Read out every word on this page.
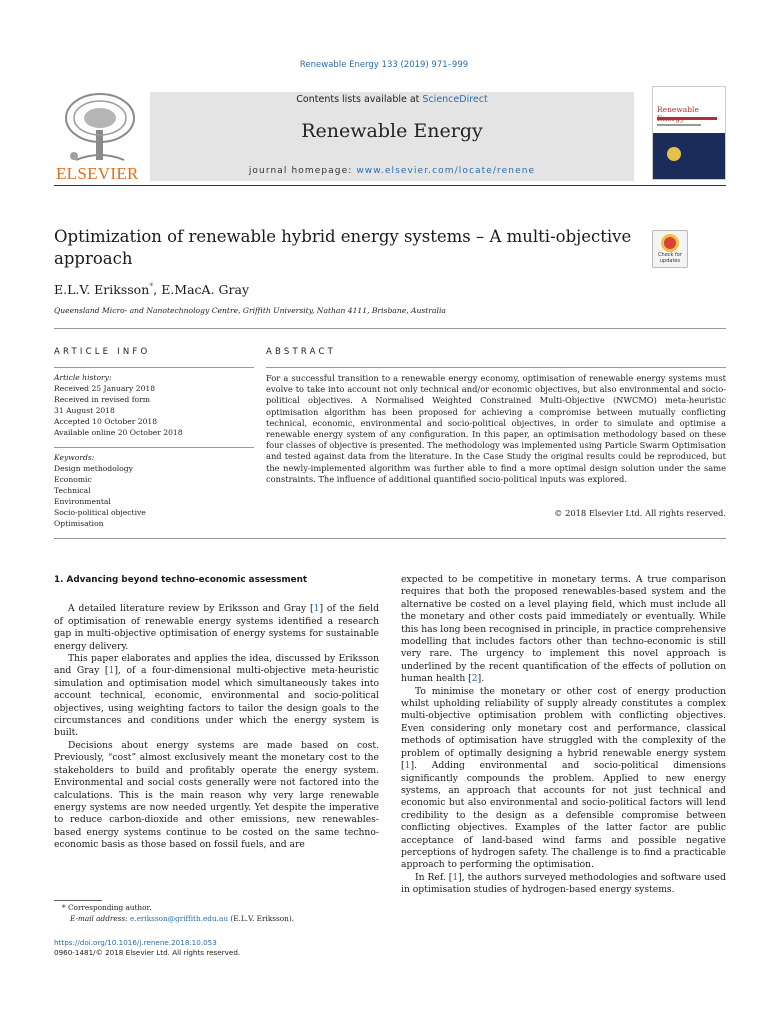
Renewable Energy 133 (2019) 971–999
ELSEVIER
Contents lists available at ScienceDirect
Renewable Energy
journal homepage: www.elsevier.com/locate/renene
Renewable
Optimization of renewable hybrid energy systems – A multi-objective approach	Check for
updates
E.L.V. Eriksson*, E.MacA. Gray
Queensland Micro- and Nanotechnology Centre, Griffith University, Nathan 4111, Brisbane, Australia
ARTICLE INFO	ABSTRACT
Article history:
Received 25 January 2018
Received in revised form
31 August 2018
Accepted 10 October 2018
Available online 20 October 2018
Keywords:
Design methodology
Economic
Technical
Environmental
Socio-political objective
Optimisation
For a successful transition to a renewable energy economy, optimisation of renewable energy systems must evolve to take into account not only technical and/or economic objectives, but also environmental and socio-political objectives. A Normalised Weighted Constrained Multi-Objective (NWCMO) meta-heuristic optimisation algorithm has been proposed for achieving a compromise between mutually conflicting technical, economic, environmental and socio-political objectives, in order to simulate and optimise a renewable energy system of any configuration. In this paper, an optimisation methodology based on these four classes of objective is presented. The methodology was implemented using Particle Swarm Optimisation and tested against data from the literature. In the Case Study the original results could be reproduced, but the newly-implemented algorithm was further able to find a more optimal design solution under the same constraints. The influence of additional quantified socio-political inputs was explored.
© 2018 Elsevier Ltd. All rights reserved.
1. Advancing beyond techno-economic assessment

A detailed literature review by Eriksson and Gray [1] of the field of optimisation of renewable energy systems identified a research gap in multi-objective optimisation of energy systems for sustainable energy delivery.

This paper elaborates and applies the idea, discussed by Eriksson and Gray [1], of a four-dimensional multi-objective meta-heuristic simulation and optimisation model which simultaneously takes into account technical, economic, environmental and socio-political objectives, using weighting factors to tailor the design goals to the circumstances and conditions under which the energy system is built.

Decisions about energy systems are made based on cost. Previously, “cost” almost exclusively meant the monetary cost to the stakeholders to build and profitably operate the energy system. Environmental and social costs generally were not factored into the calculations. This is the main reason why very large renewable energy systems are now needed urgently. Yet despite the imperative to reduce carbon-dioxide and other emissions, new renewables-based energy systems continue to be costed on the same techno-economic basis as those based on fossil fuels, and are

expected to be competitive in monetary terms. A true comparison requires that both the proposed renewables-based system and the alternative be costed on a level playing field, which must include all the monetary and other costs paid immediately or eventually. While this has long been recognised in principle, in practice comprehensive modelling that includes factors other than techno-economic is still very rare. The urgency to implement this novel approach is underlined by the recent quantification of the effects of pollution on human health [2].

To minimise the monetary or other cost of energy production whilst upholding reliability of supply already constitutes a complex multi-objective optimisation problem with conflicting objectives. Even considering only monetary cost and performance, classical methods of optimisation have struggled with the complexity of the problem of optimally designing a hybrid renewable energy system [1]. Adding environmental and socio-political dimensions significantly compounds the problem. Applied to new energy systems, an approach that accounts for not just technical and economic but also environmental and socio-political factors will lend credibility to the design as a defensible compromise between conflicting objectives. Examples of the latter factor are public acceptance of land-based wind farms and possible negative perceptions of hydrogen safety. The challenge is to find a practicable approach to performing the optimisation.

In Ref. [1], the authors surveyed methodologies and software used in optimisation studies of hydrogen-based energy systems.

* Corresponding author.
E-mail address: e.eriksson@griffith.edu.au (E.L.V. Eriksson).
https://doi.org/10.1016/j.renene.2018.10.053
0960-1481/© 2018 Elsevier Ltd. All rights reserved.
